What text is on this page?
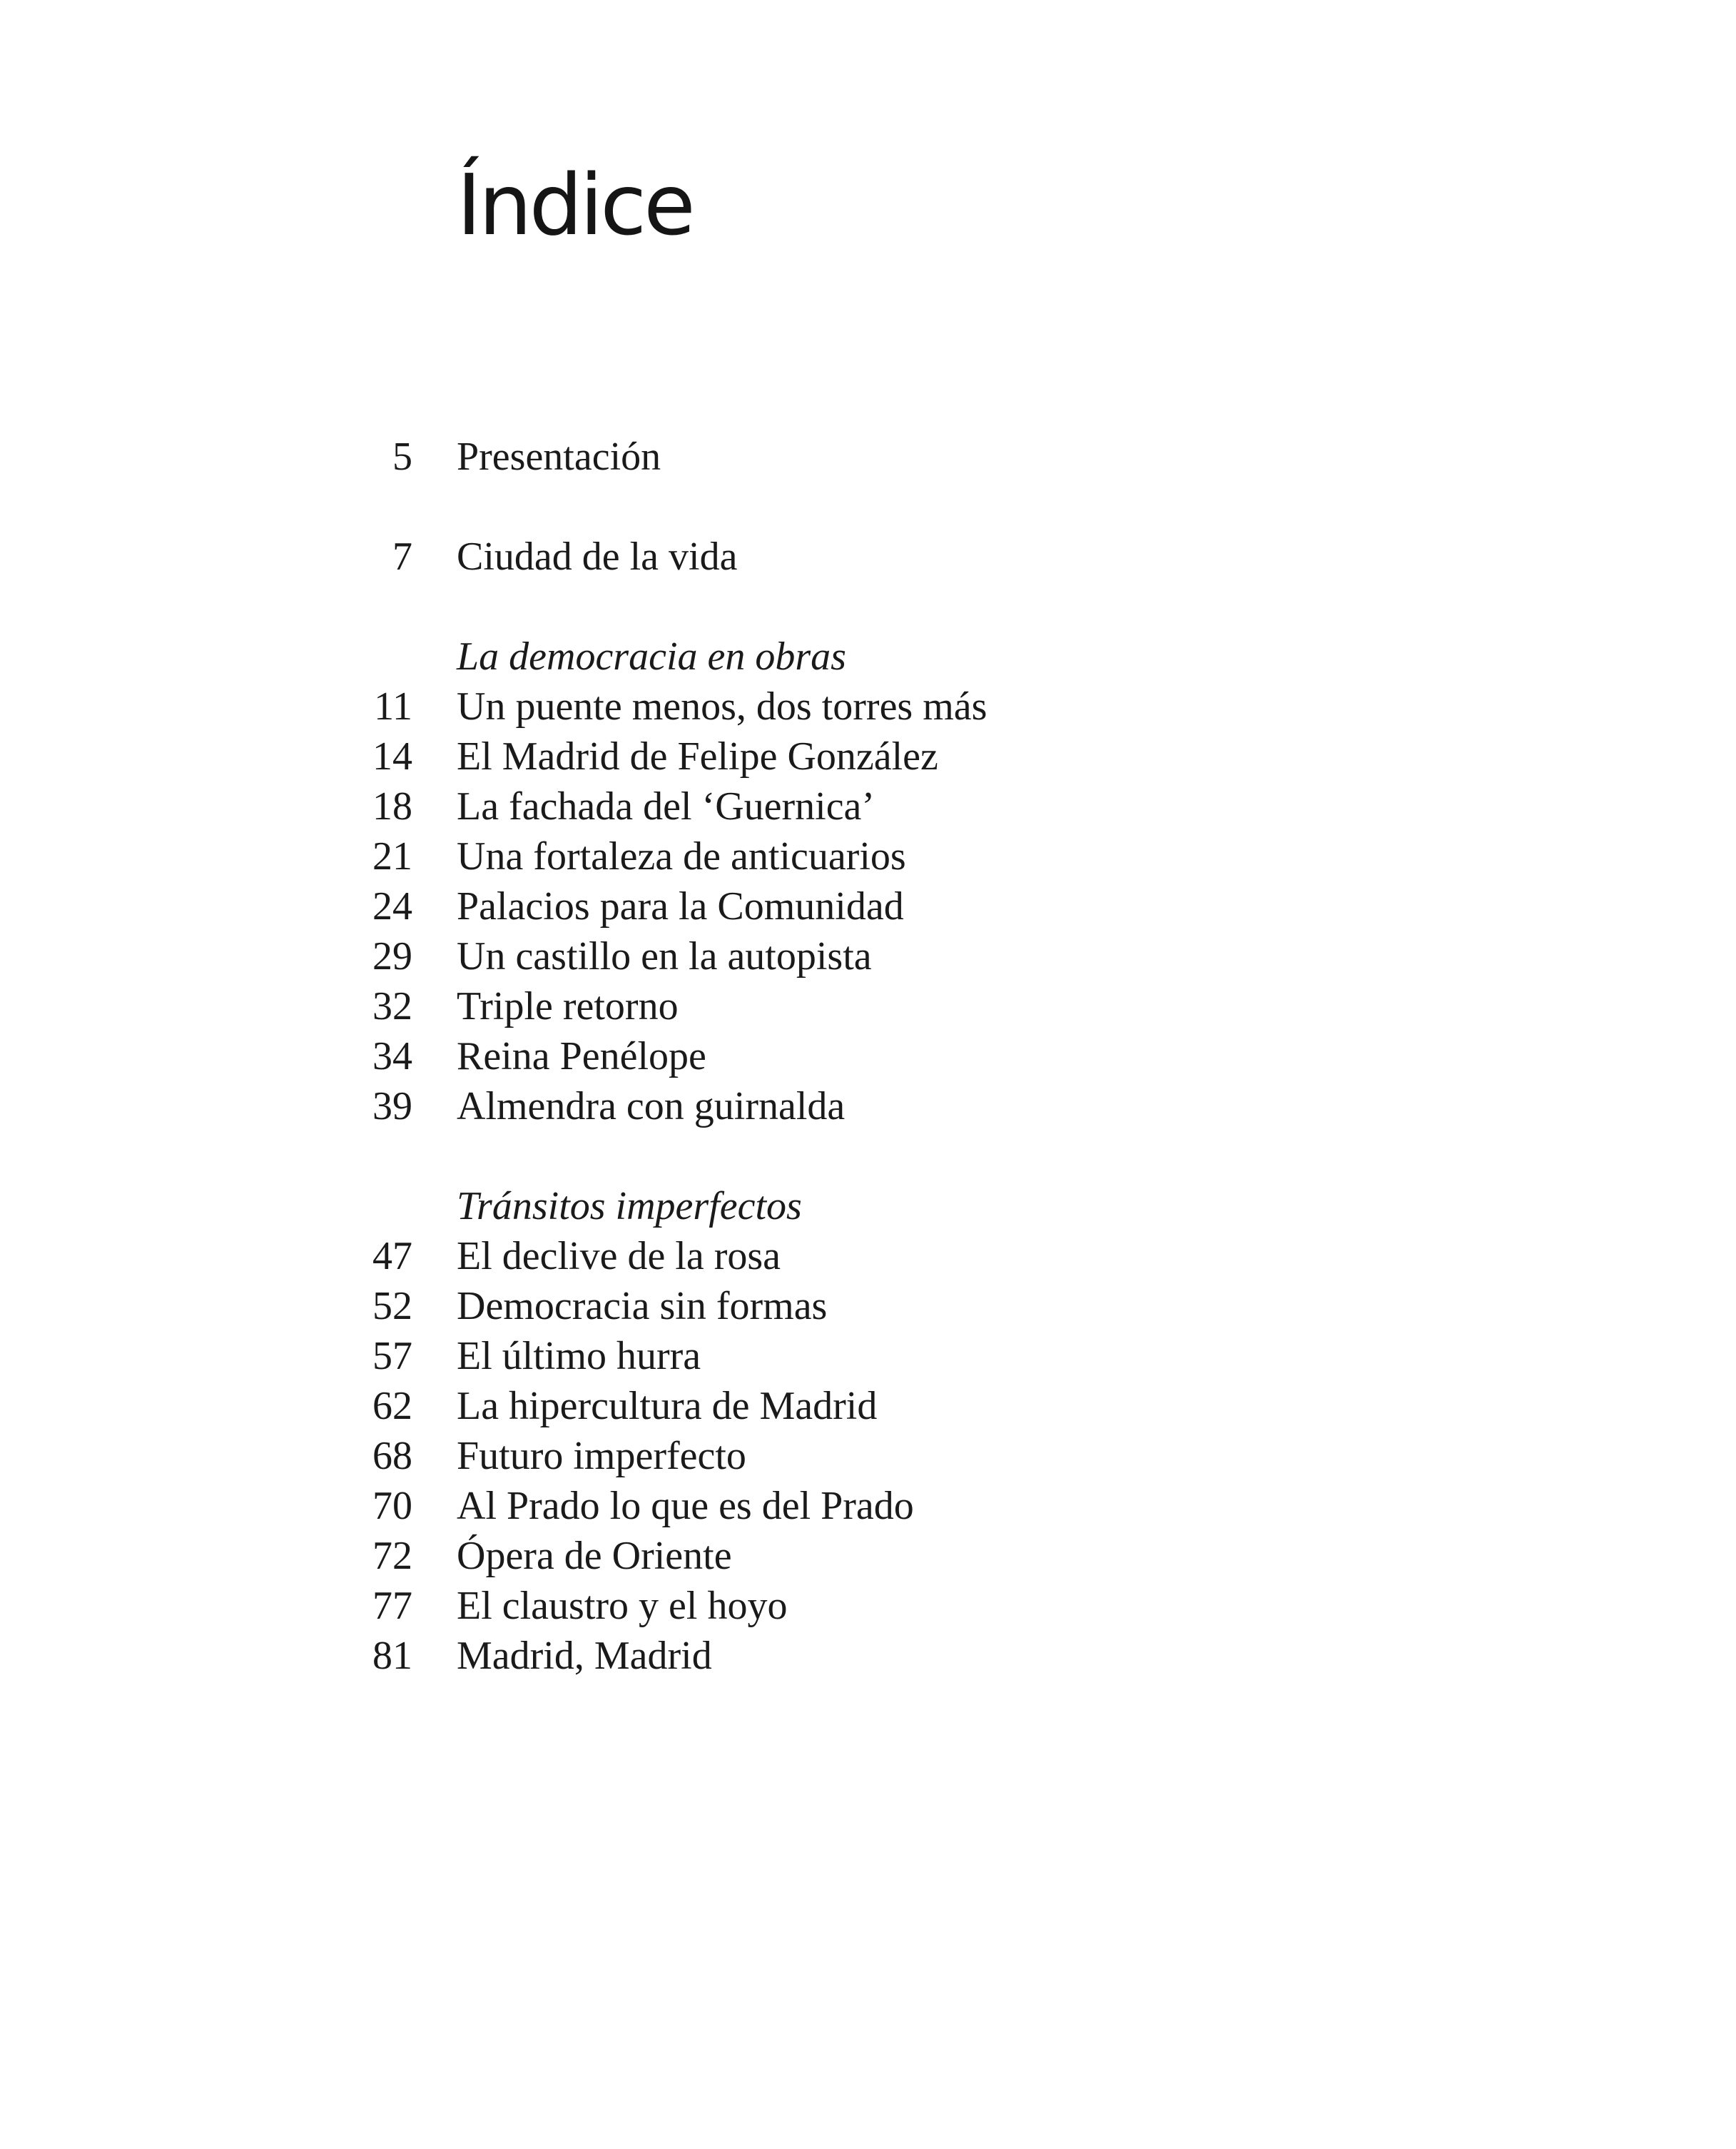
Índice
5 Presentación
7 Ciudad de la vida
La democracia en obras
11 Un puente menos, dos torres más
14 El Madrid de Felipe González
18 La fachada del ‘Guernica’
21 Una fortaleza de anticuarios
24 Palacios para la Comunidad
29 Un castillo en la autopista
32 Triple retorno
34 Reina Penélope
39 Almendra con guirnalda
Tránsitos imperfectos
47 El declive de la rosa
52 Democracia sin formas
57 El último hurra
62 La hipercultura de Madrid
68 Futuro imperfecto
70 Al Prado lo que es del Prado
72 Ópera de Oriente
77 El claustro y el hoyo
81 Madrid, Madrid
